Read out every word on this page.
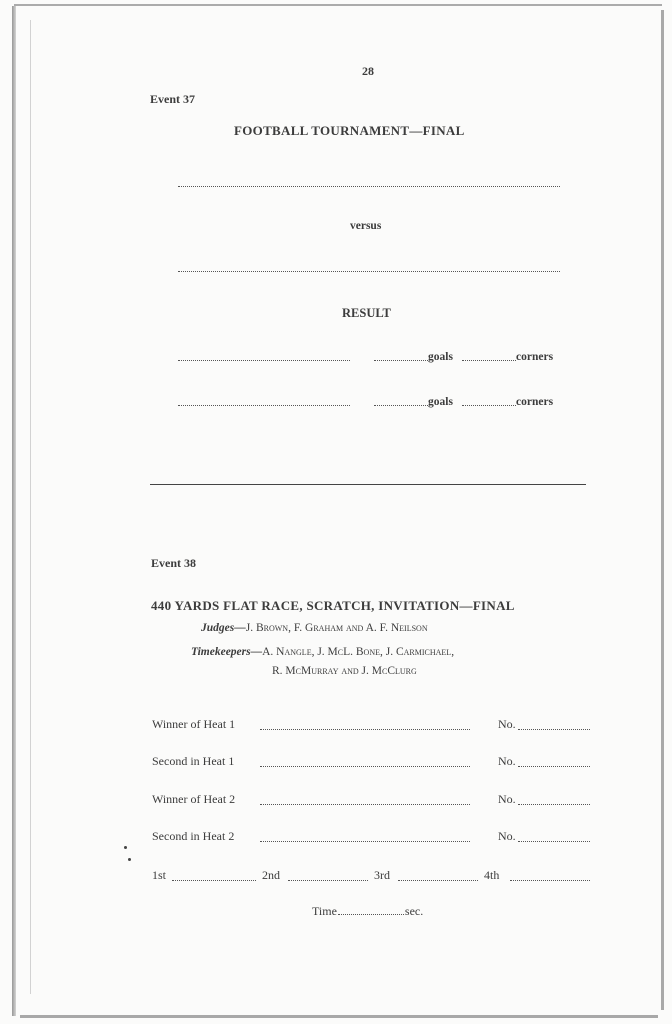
28
Event 37
FOOTBALL TOURNAMENT—FINAL
versus
RESULT
goals	corners
goals	corners
Event 38
440 YARDS FLAT RACE, SCRATCH, INVITATION—FINAL
Judges—J. Brown, F. Graham and A. F. Neilson
Timekeepers—A. Nangle, J. McL. Bone, J. Carmichael,
R. McMurray and J. McClurg
Winner of Heat 1	No.
Second in Heat 1	No.
Winner of Heat 2	No.
Second in Heat 2	No.
1st	2nd	3rd	4th
Time	sec.
